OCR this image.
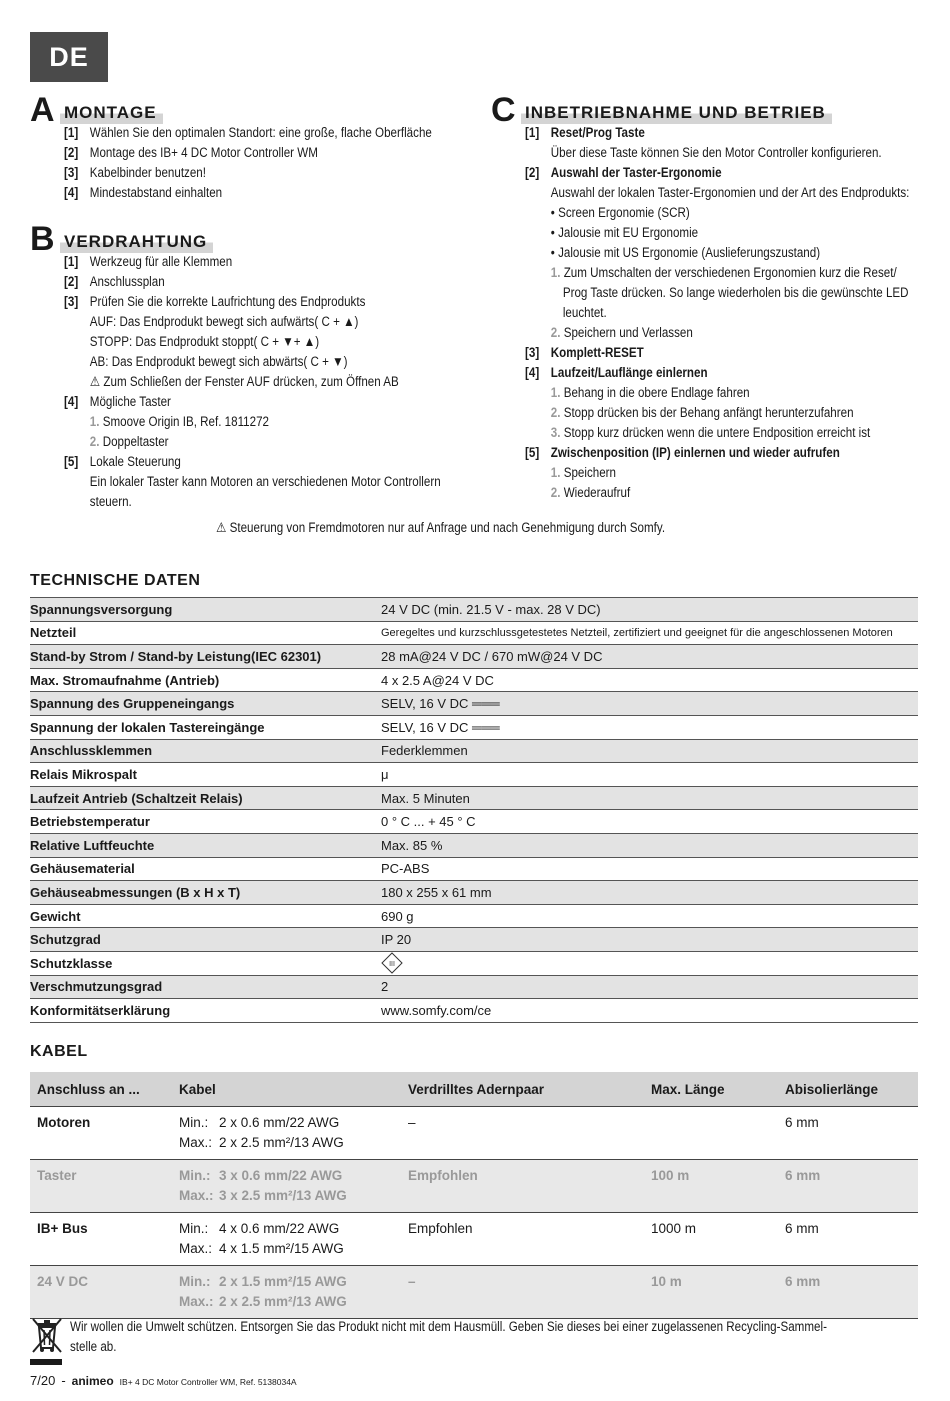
DE
A MONTAGE
[1] Wählen Sie den optimalen Standort: eine große, flache Oberfläche
[2] Montage des IB+ 4 DC Motor Controller WM
[3] Kabelbinder benutzen!
[4] Mindestabstand einhalten
B VERDRAHTUNG
[1] Werkzeug für alle Klemmen
[2] Anschlussplan
[3] Prüfen Sie die korrekte Laufrichtung des Endprodukts
AUF: Das Endprodukt bewegt sich aufwärts( C + ▲)
STOPP: Das Endprodukt stoppt( C + ▼+ ▲)
AB: Das Endprodukt bewegt sich abwärts( C + ▼)
⚠ Zum Schließen der Fenster AUF drücken, zum Öffnen AB
[4] Mögliche Taster
1. Smoove Origin IB, Ref. 1811272
2. Doppeltaster
[5] Lokale Steuerung
Ein lokaler Taster kann Motoren an verschiedenen Motor Controllern
steuern.
C INBETRIEBNAHME UND BETRIEB
[1] Reset/Prog Taste
Über diese Taste können Sie den Motor Controller konfigurieren.
[2] Auswahl der Taster-Ergonomie
Auswahl der lokalen Taster-Ergonomien und der Art des Endprodukts:
• Screen Ergonomie (SCR)
• Jalousie mit EU Ergonomie
• Jalousie mit US Ergonomie (Auslieferungszustand)
1. Zum Umschalten der verschiedenen Ergonomien kurz die Reset/
Prog Taste drücken. So lange wiederholen bis die gewünschte LED
leuchtet.
2. Speichern und Verlassen
[3] Komplett-RESET
[4] Laufzeit/Lauflänge einlernen
1. Behang in die obere Endlage fahren
2. Stopp drücken bis der Behang anfängt herunterzufahren
3. Stopp kurz drücken wenn die untere Endposition erreicht ist
[5] Zwischenposition (IP) einlernen und wieder aufrufen
1. Speichern
2. Wiederaufruf
⚠ Steuerung von Fremdmotoren nur auf Anfrage und nach Genehmigung durch Somfy.
TECHNISCHE DATEN
Spannungsversorgung	24 V DC (min. 21.5 V - max. 28 V DC)
Netzteil	Geregeltes und kurzschlussgetestetes Netzteil, zertifiziert und geeignet für die angeschlossenen Motoren
Stand-by Strom / Stand-by Leistung(IEC 62301)	28 mA@24 V DC / 670 mW@24 V DC
Max. Stromaufnahme (Antrieb)	4 x 2.5 A@24 V DC
Spannung des Gruppeneingangs	SELV, 16 V DC ═══
Spannung der lokalen Tastereingänge	SELV, 16 V DC ═══
Anschlussklemmen	Federklemmen
Relais Mikrospalt	μ
Laufzeit Antrieb (Schaltzeit Relais)	Max. 5 Minuten
Betriebstemperatur	0 ° C ... + 45 ° C
Relative Luftfeuchte	Max. 85 %
Gehäusematerial	PC-ABS
Gehäuseabmessungen (B x H x T)	180 x 255 x 61 mm
Gewicht	690 g
Schutzgrad	IP 20
Schutzklasse	III

Verschmutzungsgrad	2
Konformitätserklärung	www.somfy.com/ce
KABEL
Anschluss an ...	Kabel	Verdrilltes Adernpaar	Max. Länge	Abisolierlänge
Motoren	Min.: 2 x 0.6 mm/22 AWG
Max.: 2 x 2.5 mm²/13 AWG	–		6 mm
Taster	Min.: 3 x 0.6 mm/22 AWG
Max.: 3 x 2.5 mm²/13 AWG	Empfohlen	100 m	6 mm
IB+ Bus	Min.: 4 x 0.6 mm/22 AWG
Max.: 4 x 1.5 mm²/15 AWG	Empfohlen	1000 m	6 mm
24 V DC	Min.: 2 x 1.5 mm²/15 AWG
Max.: 2 x 2.5 mm²/13 AWG	–	10 m	6 mm
Wir wollen die Umwelt schützen. Entsorgen Sie das Produkt nicht mit dem Hausmüll. Geben Sie dieses bei einer zugelassenen Recycling-Sammel-
stelle ab.
7/20 - animeo IB+ 4 DC Motor Controller WM, Ref. 5138034A
